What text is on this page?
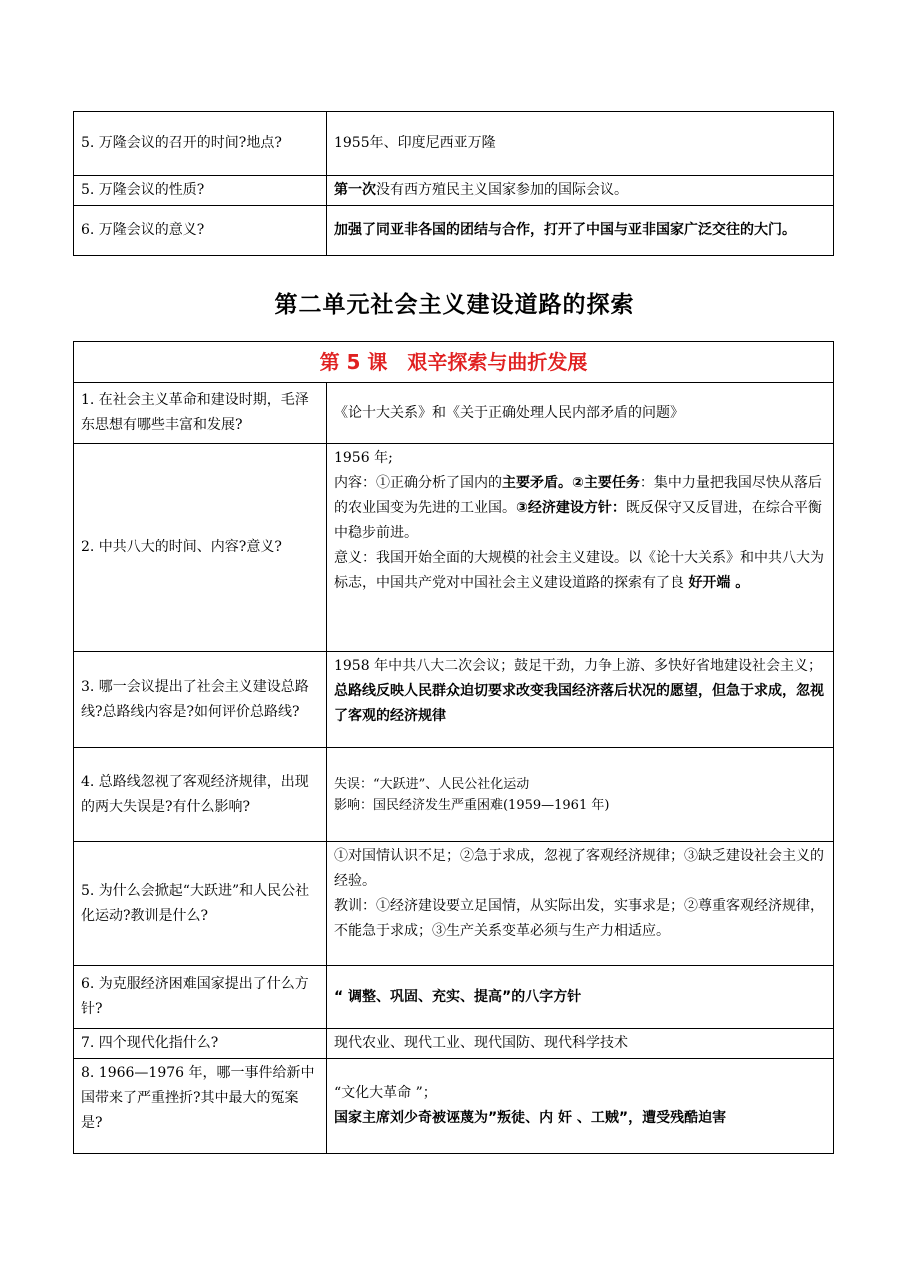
5. 万隆会议的召开的时间?地点?	1955年、印度尼西亚万隆
5. 万隆会议的性质?	第一次没有西方殖民主义国家参加的国际会议。
6. 万隆会议的意义?	加强了同亚非各国的团结与合作，打开了中国与亚非国家广泛交往的大门。
第二单元社会主义建设道路的探索
第 5 课　艰辛探索与曲折发展	
1. 在社会主义革命和建设时期，毛泽东思想有哪些丰富和发展?	《论十大关系》和《关于正确处理人民内部矛盾的问题》
2. 中共八大的时间、内容?意义?	1956 年;
内容：①正确分析了国内的主要矛盾。②主要任务：集中力量把我国尽快从落后的农业国变为先进的工业国。③经济建设方针：既反保守又反冒进，在综合平衡中稳步前进。
意义：我国开始全面的大规模的社会主义建设。以《论十大关系》和中共八大为标志，中国共产党对中国社会主义建设道路的探索有了良 好开端 。

3. 哪一会议提出了社会主义建设总路线?总路线内容是?如何评价总路线?	1958 年中共八大二次会议；鼓足干劲，力争上游、多快好省地建设社会主义；总路线反映人民群众迫切要求改变我国经济落后状况的愿望，但急于求成，忽视了客观的经济规律
4. 总路线忽视了客观经济规律，出现的两大失误是?有什么影响?	失误：“大跃进”、人民公社化运动
影响：国民经济发生严重困难(1959—1961 年)

5. 为什么会掀起“大跃进”和人民公社化运动?教训是什么?	①对国情认识不足；②急于求成，忽视了客观经济规律；③缺乏建设社会主义的经验。
教训：①经济建设要立足国情，从实际出发，实事求是；②尊重客观经济规律，不能急于求成；③生产关系变革必须与生产力相适应。

6. 为克服经济困难国家提出了什么方针?	“ 调整、巩固、充实、提高”的八字方针
7. 四个现代化指什么?	现代农业、现代工业、现代国防、现代科学技术
8. 1966—1976 年，哪一事件给新中国带来了严重挫折?其中最大的冤案是?	“文化大革命 ”；
国家主席刘少奇被诬蔑为”叛徒、内 奸 、工贼”，遭受残酷迫害
